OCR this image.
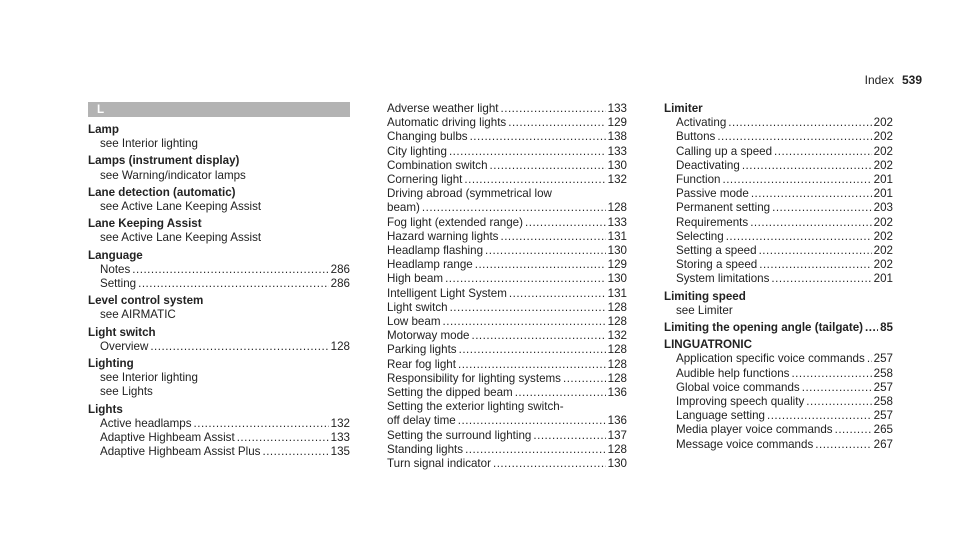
Index 539
L
Lamp
see Interior lighting
Lamps (instrument display)
see Warning/indicator lamps
Lane detection (automatic)
see Active Lane Keeping Assist
Lane Keeping Assist
see Active Lane Keeping Assist
Language
Notes .....	286
Setting .....	286
Level control system
see AIRMATIC
Light switch
Overview .....	128
Lighting
see Interior lighting
see Lights
Lights
Active headlamps .....	132
Adaptive Highbeam Assist .....	133
Adaptive Highbeam Assist Plus .....	135
Adverse weather light .....	133
Automatic driving lights .....	129
Changing bulbs .....	138
City lighting .....	133
Combination switch .....	130
Cornering light .....	132
Driving abroad (symmetrical low
beam) .....	128
Fog light (extended range) .....	133
Hazard warning lights .....	131
Headlamp flashing .....	130
Headlamp range .....	129
High beam .....	130
Intelligent Light System .....	131
Light switch .....	128
Low beam .....	128
Motorway mode .....	132
Parking lights .....	128
Rear fog light .....	128
Responsibility for lighting systems .....	128
Setting the dipped beam .....	136
Setting the exterior lighting switch-
off delay time .....	136
Setting the surround lighting .....	137
Standing lights .....	128
Turn signal indicator .....	130
Limiter
Activating .....	202
Buttons .....	202
Calling up a speed .....	202
Deactivating .....	202
Function .....	201
Passive mode .....	201
Permanent setting .....	203
Requirements .....	202
Selecting .....	202
Setting a speed .....	202
Storing a speed .....	202
System limitations .....	201
Limiting speed
see Limiter
Limiting the opening angle (tailgate) ..... 85
LINGUATRONIC
Application specific voice commands ..... 257
Audible help functions .....	258
Global voice commands .....	257
Improving speech quality .....	258
Language setting .....	257
Media player voice commands .....	265
Message voice commands .....	267
